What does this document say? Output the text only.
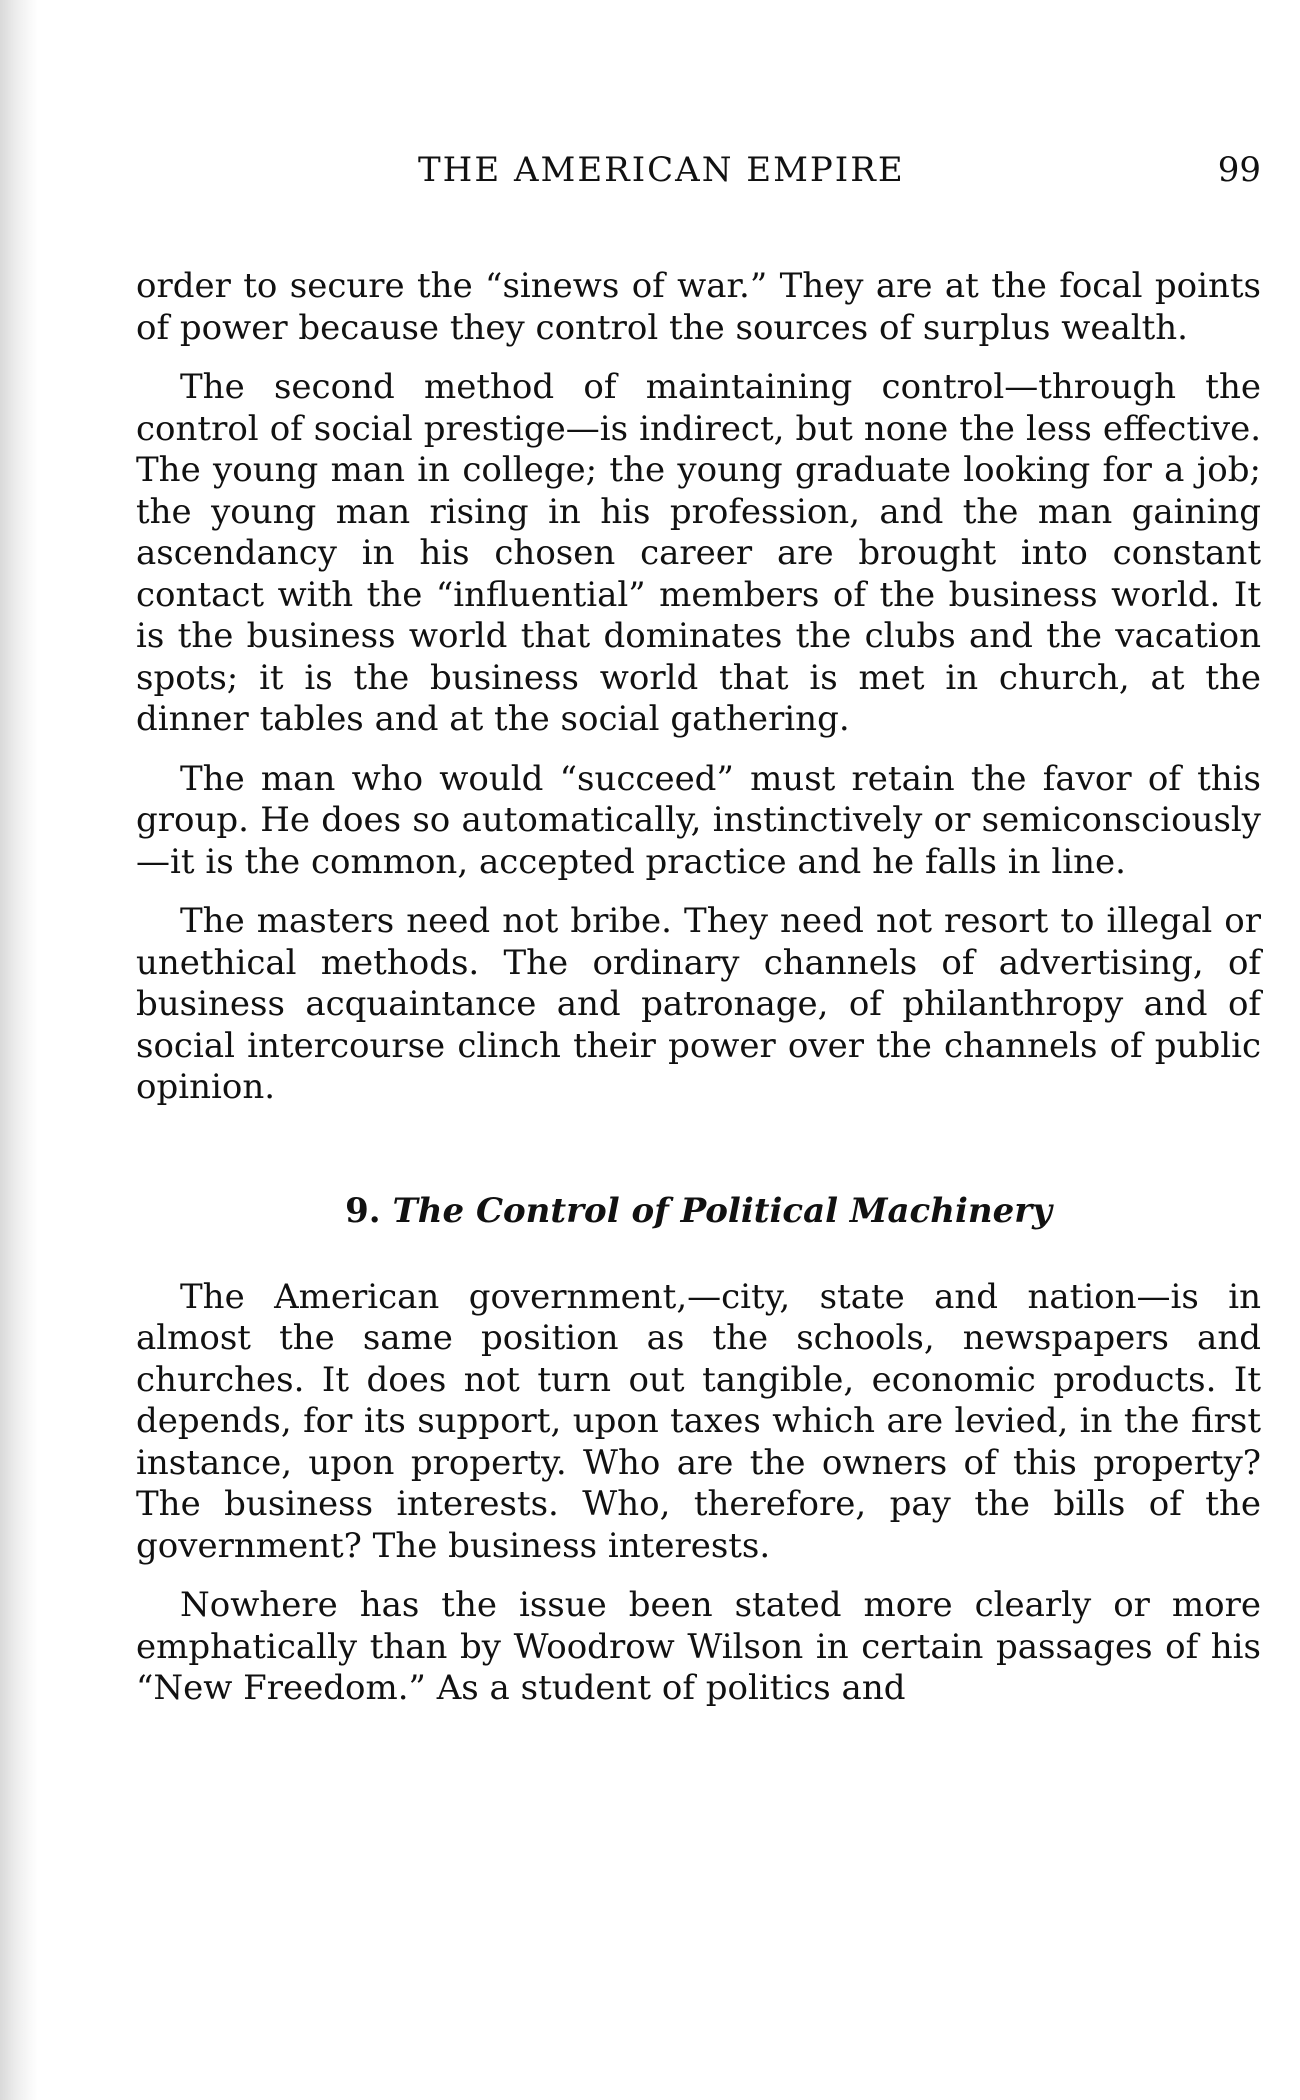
THE AMERICAN EMPIRE	99

order to secure the “sinews of war.” They are at the focal points of power because they control the sources of surplus wealth.

The second method of maintaining control—through the control of social prestige—is indirect, but none the less effective. The young man in college; the young graduate looking for a job; the young man rising in his profession, and the man gaining ascendancy in his chosen career are brought into constant contact with the “influential” members of the business world. It is the business world that dominates the clubs and the vacation spots; it is the business world that is met in church, at the dinner tables and at the social gathering.

The man who would “succeed” must retain the favor of this group. He does so automatically, instinctively or semiconsciously—it is the common, accepted practice and he falls in line.

The masters need not bribe. They need not resort to illegal or unethical methods. The ordinary channels of advertising, of business acquaintance and patronage, of philanthropy and of social intercourse clinch their power over the channels of public opinion.

9. The Control of Political Machinery

The American government,—city, state and nation—is in almost the same position as the schools, newspapers and churches. It does not turn out tangible, economic products. It depends, for its support, upon taxes which are levied, in the first instance, upon property. Who are the owners of this property? The business interests. Who, therefore, pay the bills of the government? The business interests.

Nowhere has the issue been stated more clearly or more emphatically than by Woodrow Wilson in certain passages of his “New Freedom.” As a student of politics and
